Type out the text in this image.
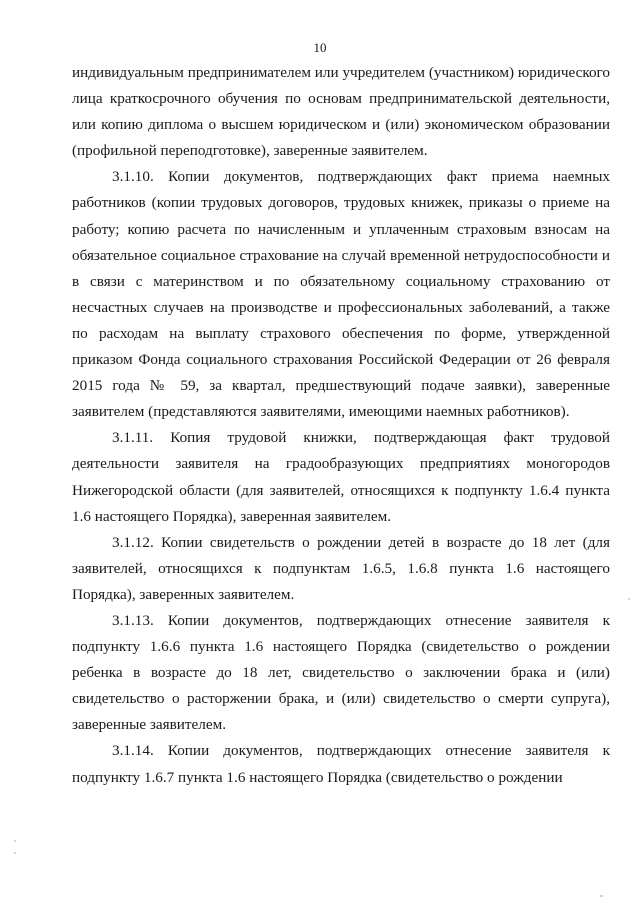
10

индивидуальным предпринимателем или учредителем (участником) юридического лица краткосрочного обучения по основам предпринимательской деятельности, или копию диплома о высшем юридическом и (или) экономическом образовании (профильной переподготовке), заверенные заявителем.

3.1.10. Копии документов, подтверждающих факт приема наемных работников (копии трудовых договоров, трудовых книжек, приказы о приеме на работу; копию расчета по начисленным и уплаченным страховым взносам на обязательное социальное страхование на случай временной нетрудоспособности и в связи с материнством и по обязательному социальному страхованию от несчастных случаев на производстве и профессиональных заболеваний, а также по расходам на выплату страхового обеспечения по форме, утвержденной приказом Фонда социального страхования Российской Федерации от 26 февраля 2015 года № 59, за квартал, предшествующий подаче заявки), заверенные заявителем (представляются заявителями, имеющими наемных работников).

3.1.11. Копия трудовой книжки, подтверждающая факт трудовой деятельности заявителя на градообразующих предприятиях моногородов Нижегородской области (для заявителей, относящихся к подпункту 1.6.4 пункта 1.6 настоящего Порядка), заверенная заявителем.

3.1.12. Копии свидетельств о рождении детей в возрасте до 18 лет (для заявителей, относящихся к подпунктам 1.6.5, 1.6.8 пункта 1.6 настоящего Порядка), заверенных заявителем.

3.1.13. Копии документов, подтверждающих отнесение заявителя к подпункту 1.6.6 пункта 1.6 настоящего Порядка (свидетельство о рождении ребенка в возрасте до 18 лет, свидетельство о заключении брака и (или) свидетельство о расторжении брака, и (или) свидетельство о смерти супруга), заверенные заявителем.

3.1.14. Копии документов, подтверждающих отнесение заявителя к подпункту 1.6.7 пункта 1.6 настоящего Порядка (свидетельство о рождении
